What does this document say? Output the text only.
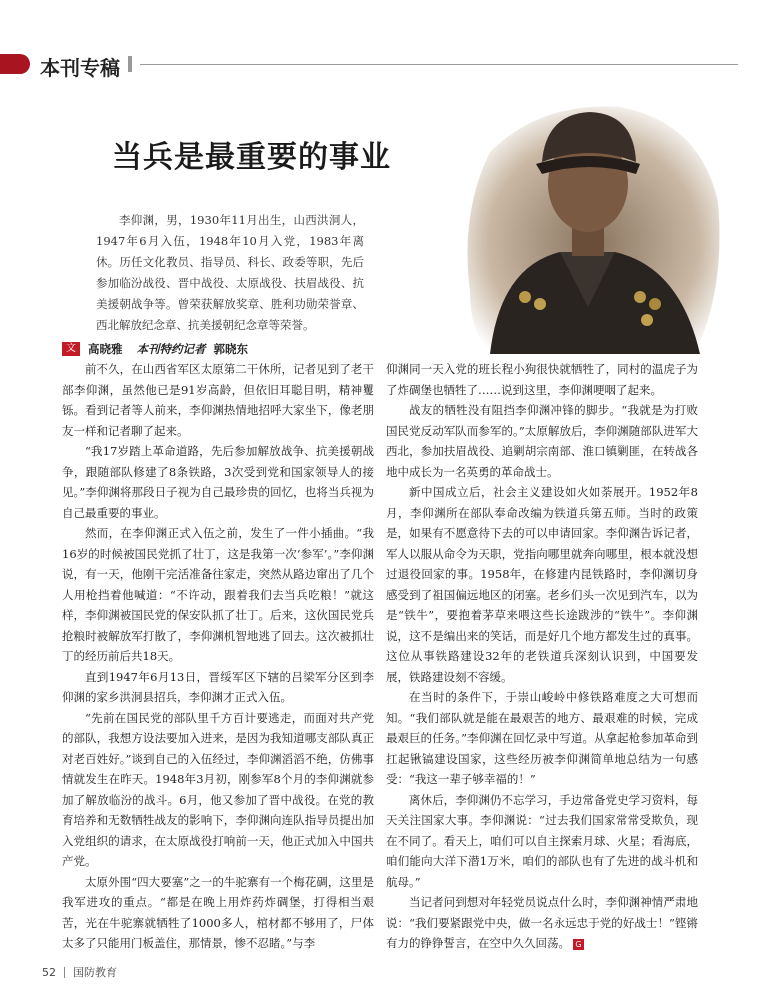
本刊专稿
当兵是最重要的事业
李仰渊，男，1930年11月出生，山西洪洞人，1947年6月入伍，1948年10月入党，1983年离休。历任文化教员、指导员、科长、政委等职，先后参加临汾战役、晋中战役、太原战役、扶眉战役、抗美援朝战争等。曾荣获解放奖章、胜利功勋荣誉章、西北解放纪念章、抗美援朝纪念章等荣誉。
文	高晓雅 本刊特约记者 郭晓东

前不久，在山西省军区太原第二干休所，记者见到了老干部李仰渊，虽然他已是91岁高龄，但依旧耳聪目明，精神矍铄。看到记者等人前来，李仰渊热情地招呼大家坐下，像老朋友一样和记者聊了起来。

“我17岁踏上革命道路，先后参加解放战争、抗美援朝战争，跟随部队修建了8条铁路，3次受到党和国家领导人的接见。”李仰渊将那段日子视为自己最珍贵的回忆，也将当兵视为自己最重要的事业。

然而，在李仰渊正式入伍之前，发生了一件小插曲。“我16岁的时候被国民党抓了壮丁，这是我第一次‘参军’。”李仰渊说，有一天，他刚干完活准备往家走，突然从路边窜出了几个人用枪挡着他喊道：“不许动，跟着我们去当兵吃粮！”就这样，李仰渊被国民党的保安队抓了壮丁。后来，这伙国民党兵抢粮时被解放军打散了，李仰渊机智地逃了回去。这次被抓壮丁的经历前后共18天。

直到1947年6月13日，晋绥军区下辖的吕梁军分区到李仰渊的家乡洪洞县招兵，李仰渊才正式入伍。

“先前在国民党的部队里千方百计要逃走，而面对共产党的部队，我想方设法要加入进来，是因为我知道哪支部队真正对老百姓好。”谈到自己的入伍经过，李仰渊滔滔不绝，仿佛事情就发生在昨天。1948年3月初，刚参军8个月的李仰渊就参加了解放临汾的战斗。6月，他又参加了晋中战役。在党的教育培养和无数牺牲战友的影响下，李仰渊向连队指导员提出加入党组织的请求，在太原战役打响前一天，他正式加入中国共产党。

太原外围“四大要塞”之一的牛驼寨有一个梅花碉，这里是我军进攻的重点。“都是在晚上用炸药炸碉堡，打得相当艰苦，光在牛驼寨就牺牲了1000多人，棺材都不够用了，尸体太多了只能用门板盖住，那情景，惨不忍睹。”与李

仰渊同一天入党的班长程小狗很快就牺牲了，同村的温虎子为了炸碉堡也牺牲了……说到这里，李仰渊哽咽了起来。

战友的牺牲没有阻挡李仰渊冲锋的脚步。“我就是为打败国民党反动军队而参军的。”太原解放后，李仰渊随部队进军大西北，参加扶眉战役、追剿胡宗南部、淮口镇剿匪，在转战各地中成长为一名英勇的革命战士。

新中国成立后，社会主义建设如火如荼展开。1952年8月，李仰渊所在部队奉命改编为铁道兵第五师。当时的政策是，如果有不愿意待下去的可以申请回家。李仰渊告诉记者，军人以服从命令为天职，党指向哪里就奔向哪里，根本就没想过退役回家的事。1958年，在修建内昆铁路时，李仰渊切身感受到了祖国偏远地区的闭塞。老乡们头一次见到汽车，以为是“铁牛”，要抱着茅草来喂这些长途跋涉的“铁牛”。李仰渊说，这不是编出来的笑话，而是好几个地方都发生过的真事。这位从事铁路建设32年的老铁道兵深刻认识到，中国要发展，铁路建设刻不容缓。

在当时的条件下，于崇山峻岭中修铁路难度之大可想而知。“我们部队就是能在最艰苦的地方、最艰难的时候，完成最艰巨的任务。”李仰渊在回忆录中写道。从拿起枪参加革命到扛起锹镐建设国家，这些经历被李仰渊简单地总结为一句感受：“我这一辈子够幸福的！”

离休后，李仰渊仍不忘学习，手边常备党史学习资料，每天关注国家大事。李仰渊说：“过去我们国家常常受欺负，现在不同了。看天上，咱们可以自主探索月球、火星；看海底，咱们能向大洋下潜1万米，咱们的部队也有了先进的战斗机和航母。”

当记者问到想对年轻党员说点什么时，李仰渊神情严肃地说：“我们要紧跟党中央，做一名永远忠于党的好战士！”铿锵有力的铮铮誓言，在空中久久回荡。 G

52 国防教育
